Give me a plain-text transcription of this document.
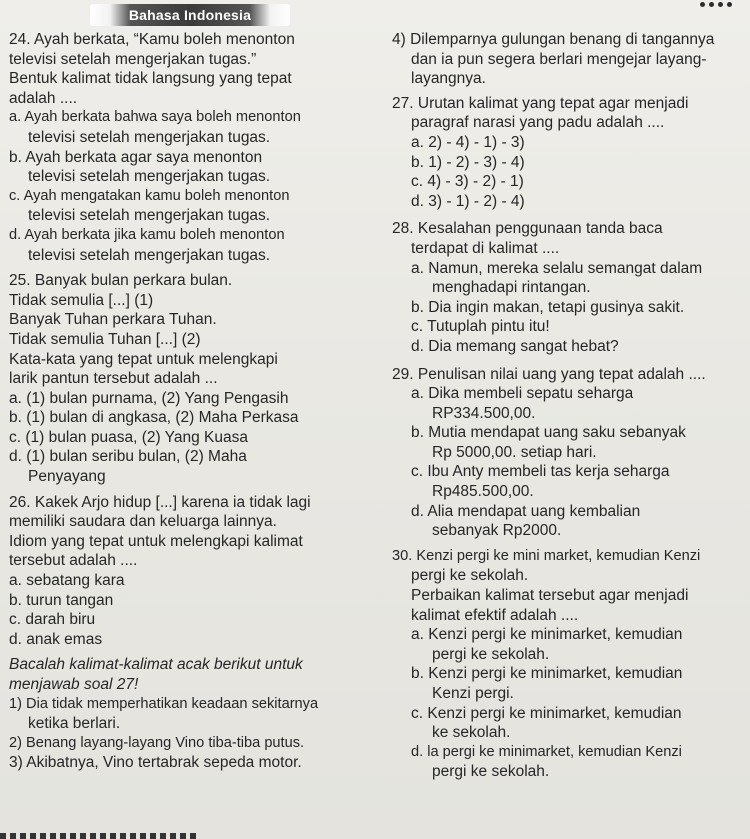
Bahasa Indonesia
24. Ayah berkata, “Kamu boleh menonton
televisi setelah mengerjakan tugas.”
Bentuk kalimat tidak langsung yang tepat
adalah ....
a. Ayah berkata bahwa saya boleh menonton
televisi setelah mengerjakan tugas.
b. Ayah berkata agar saya menonton
televisi setelah mengerjakan tugas.
c. Ayah mengatakan kamu boleh menonton
televisi setelah mengerjakan tugas.
d. Ayah berkata jika kamu boleh menonton
televisi setelah mengerjakan tugas.
25. Banyak bulan perkara bulan.
Tidak semulia [...] (1)
Banyak Tuhan perkara Tuhan.
Tidak semulia Tuhan [...] (2)
Kata-kata yang tepat untuk melengkapi
larik pantun tersebut adalah ...
a. (1) bulan purnama, (2) Yang Pengasih
b. (1) bulan di angkasa, (2) Maha Perkasa
c. (1) bulan puasa, (2) Yang Kuasa
d. (1) bulan seribu bulan, (2) Maha
Penyayang
26. Kakek Arjo hidup [...] karena ia tidak lagi
memiliki saudara dan keluarga lainnya.
Idiom yang tepat untuk melengkapi kalimat
tersebut adalah ....
a. sebatang kara
b. turun tangan
c. darah biru
d. anak emas
Bacalah kalimat-kalimat acak berikut untuk
menjawab soal 27!
1) Dia tidak memperhatikan keadaan sekitarnya
ketika berlari.
2) Benang layang-layang Vino tiba-tiba putus.
3) Akibatnya, Vino tertabrak sepeda motor.
4) Dilemparnya gulungan benang di tangannya
dan ia pun segera berlari mengejar layang-
layangnya.
27. Urutan kalimat yang tepat agar menjadi
paragraf narasi yang padu adalah ....
a. 2) - 4) - 1) - 3)
b. 1) - 2) - 3) - 4)
c. 4) - 3) - 2) - 1)
d. 3) - 1) - 2) - 4)
28. Kesalahan penggunaan tanda baca
terdapat di kalimat ....
a. Namun, mereka selalu semangat dalam
menghadapi rintangan.
b. Dia ingin makan, tetapi gusinya sakit.
c. Tutuplah pintu itu!
d. Dia memang sangat hebat?
29. Penulisan nilai uang yang tepat adalah ....
a. Dika membeli sepatu seharga
RP334.500,00.
b. Mutia mendapat uang saku sebanyak
Rp 5000,00. setiap hari.
c. Ibu Anty membeli tas kerja seharga
Rp485.500,00.
d. Alia mendapat uang kembalian
sebanyak Rp2000.
30. Kenzi pergi ke mini market, kemudian Kenzi
pergi ke sekolah.
Perbaikan kalimat tersebut agar menjadi
kalimat efektif adalah ....
a. Kenzi pergi ke minimarket, kemudian
pergi ke sekolah.
b. Kenzi pergi ke minimarket, kemudian
Kenzi pergi.
c. Kenzi pergi ke minimarket, kemudian
ke sekolah.
d. la pergi ke minimarket, kemudian Kenzi
pergi ke sekolah.
